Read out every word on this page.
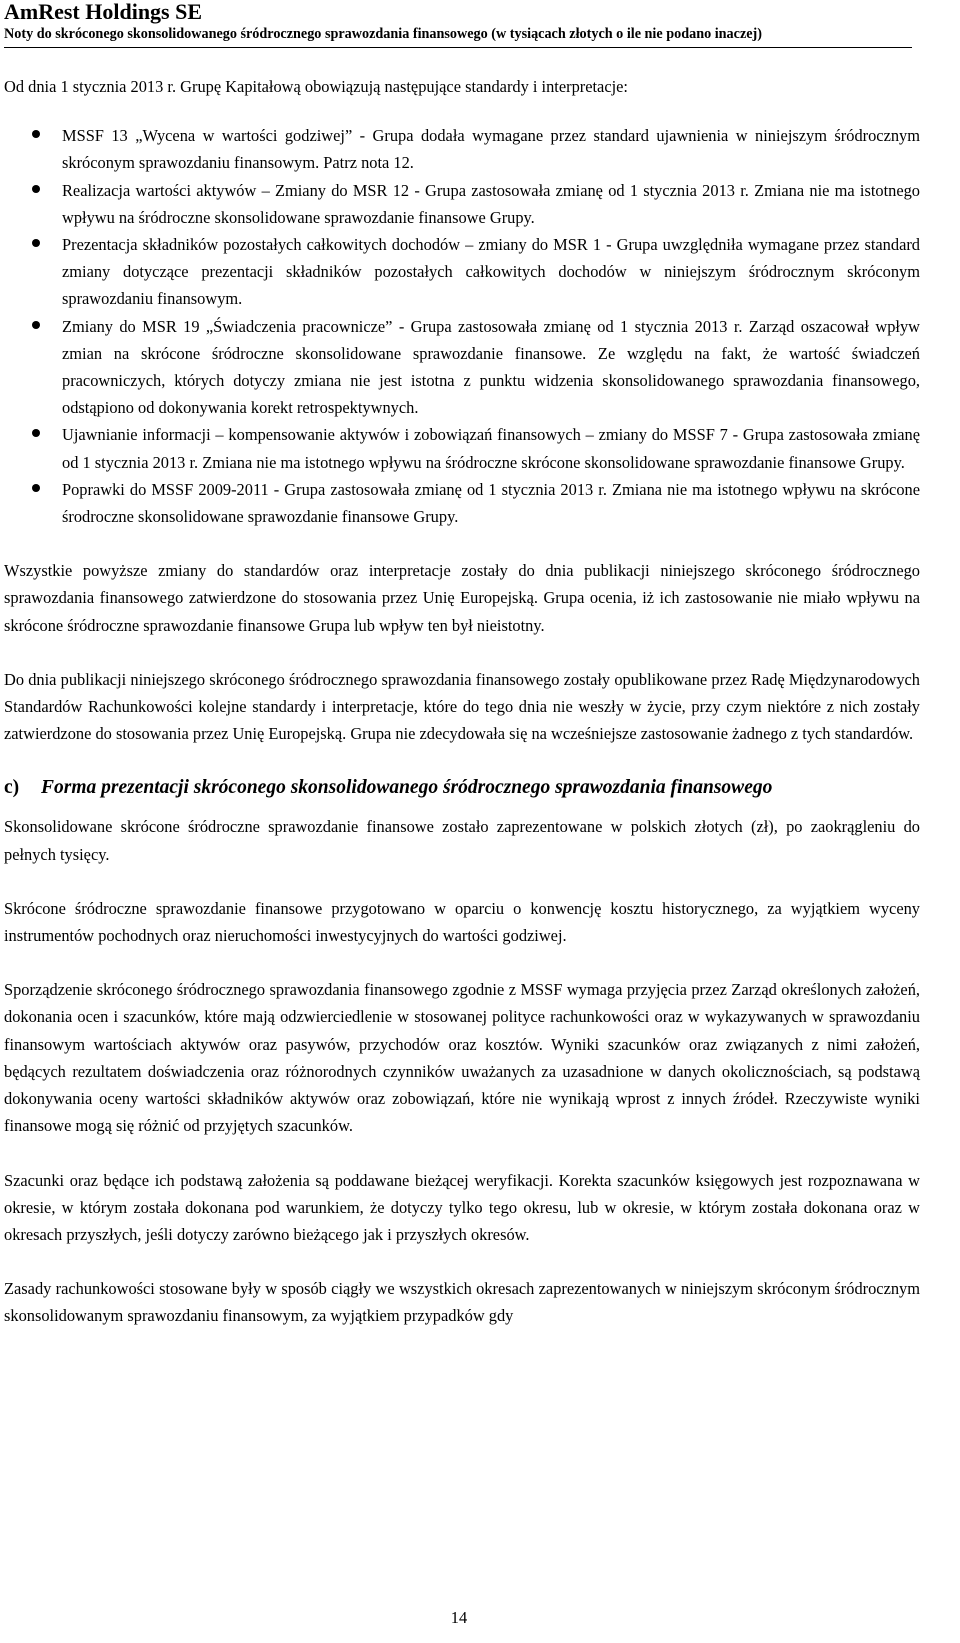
AmRest Holdings SE
Noty do skróconego skonsolidowanego śródrocznego sprawozdania finansowego (w tysiącach złotych o ile nie podano inaczej)

Od dnia 1 stycznia 2013 r. Grupę Kapitałową obowiązują następujące standardy i interpretacje:

MSSF 13 „Wycena w wartości godziwej” - Grupa dodała wymagane przez standard ujawnienia w niniejszym śródrocznym skróconym sprawozdaniu finansowym. Patrz nota 12.
Realizacja wartości aktywów – Zmiany do MSR 12 - Grupa zastosowała zmianę od 1 stycznia 2013 r. Zmiana nie ma istotnego wpływu na śródroczne skonsolidowane sprawozdanie finansowe Grupy.
Prezentacja składników pozostałych całkowitych dochodów – zmiany do MSR 1 - Grupa uwzględniła wymagane przez standard zmiany dotyczące prezentacji składników pozostałych całkowitych dochodów w niniejszym śródrocznym skróconym sprawozdaniu finansowym.
Zmiany do MSR 19 „Świadczenia pracownicze” - Grupa zastosowała zmianę od 1 stycznia 2013 r. Zarząd oszacował wpływ zmian na skrócone śródroczne skonsolidowane sprawozdanie finansowe. Ze względu na fakt, że wartość świadczeń pracowniczych, których dotyczy zmiana nie jest istotna z punktu widzenia skonsolidowanego sprawozdania finansowego, odstąpiono od dokonywania korekt retrospektywnych.
Ujawnianie informacji – kompensowanie aktywów i zobowiązań finansowych – zmiany do MSSF 7 - Grupa zastosowała zmianę od 1 stycznia 2013 r. Zmiana nie ma istotnego wpływu na śródroczne skrócone skonsolidowane sprawozdanie finansowe Grupy.
Poprawki do MSSF 2009-2011 - Grupa zastosowała zmianę od 1 stycznia 2013 r. Zmiana nie ma istotnego wpływu na skrócone środroczne skonsolidowane sprawozdanie finansowe Grupy.

Wszystkie powyższe zmiany do standardów oraz interpretacje zostały do dnia publikacji niniejszego skróconego śródrocznego sprawozdania finansowego zatwierdzone do stosowania przez Unię Europejską. Grupa ocenia, iż ich zastosowanie nie miało wpływu na skrócone śródroczne sprawozdanie finansowe Grupa lub wpływ ten był nieistotny.

Do dnia publikacji niniejszego skróconego śródrocznego sprawozdania finansowego zostały opublikowane przez Radę Międzynarodowych Standardów Rachunkowości kolejne standardy i interpretacje, które do tego dnia nie weszły w życie, przy czym niektóre z nich zostały zatwierdzone do stosowania przez Unię Europejską. Grupa nie zdecydowała się na wcześniejsze zastosowanie żadnego z tych standardów.

c) Forma prezentacji skróconego skonsolidowanego śródrocznego sprawozdania finansowego

Skonsolidowane skrócone śródroczne sprawozdanie finansowe zostało zaprezentowane w polskich złotych (zł), po zaokrągleniu do pełnych tysięcy.

Skrócone śródroczne sprawozdanie finansowe przygotowano w oparciu o konwencję kosztu historycznego, za wyjątkiem wyceny instrumentów pochodnych oraz nieruchomości inwestycyjnych do wartości godziwej.

Sporządzenie skróconego śródrocznego sprawozdania finansowego zgodnie z MSSF wymaga przyjęcia przez Zarząd określonych założeń, dokonania ocen i szacunków, które mają odzwierciedlenie w stosowanej polityce rachunkowości oraz w wykazywanych w sprawozdaniu finansowym wartościach aktywów oraz pasywów, przychodów oraz kosztów. Wyniki szacunków oraz związanych z nimi założeń, będących rezultatem doświadczenia oraz różnorodnych czynników uważanych za uzasadnione w danych okolicznościach, są podstawą dokonywania oceny wartości składników aktywów oraz zobowiązań, które nie wynikają wprost z innych źródeł. Rzeczywiste wyniki finansowe mogą się różnić od przyjętych szacunków.

Szacunki oraz będące ich podstawą założenia są poddawane bieżącej weryfikacji. Korekta szacunków księgowych jest rozpoznawana w okresie, w którym została dokonana pod warunkiem, że dotyczy tylko tego okresu, lub w okresie, w którym została dokonana oraz w okresach przyszłych, jeśli dotyczy zarówno bieżącego jak i przyszłych okresów.

Zasady rachunkowości stosowane były w sposób ciągły we wszystkich okresach zaprezentowanych w niniejszym skróconym śródrocznym skonsolidowanym sprawozdaniu finansowym, za wyjątkiem przypadków gdy

14
